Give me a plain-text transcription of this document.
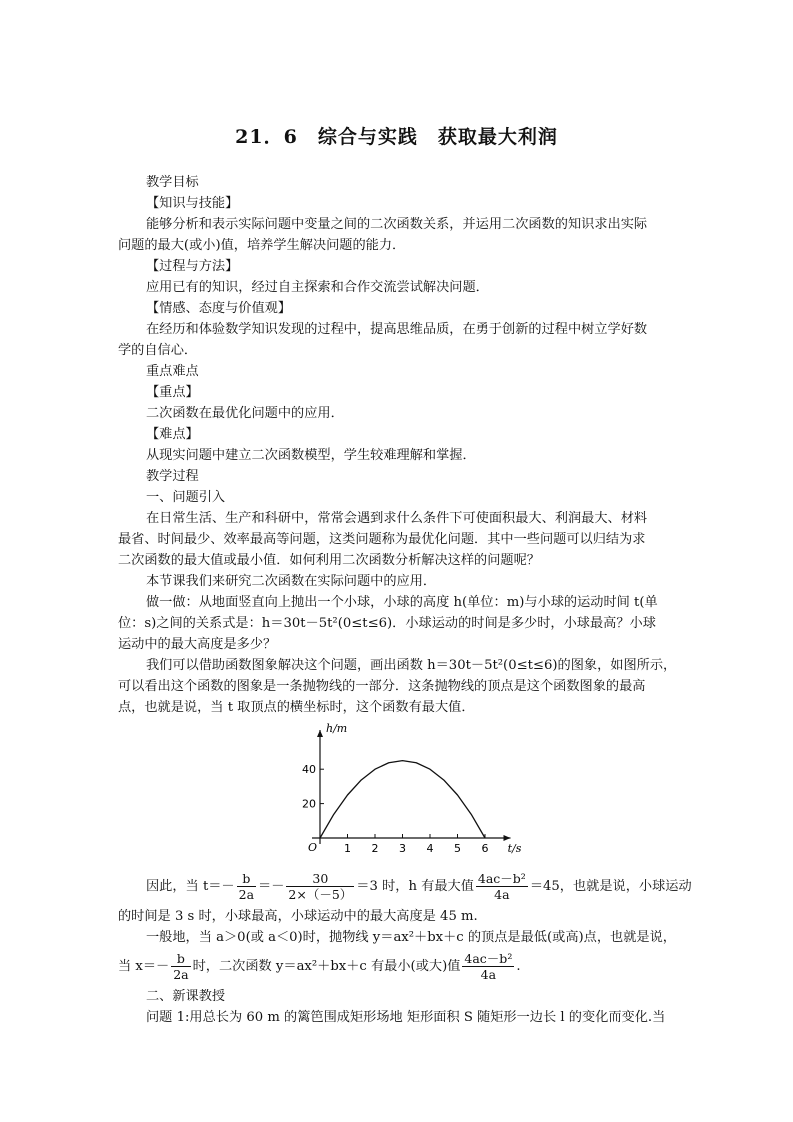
21．6　综合与实践　获取最大利润

教学目标

【知识与技能】

能够分析和表示实际问题中变量之间的二次函数关系，并运用二次函数的知识求出实际

问题的最大(或小)值，培养学生解决问题的能力．

【过程与方法】

应用已有的知识，经过自主探索和合作交流尝试解决问题．

【情感、态度与价值观】

在经历和体验数学知识发现的过程中，提高思维品质，在勇于创新的过程中树立学好数

学的自信心．

重点难点

【重点】

二次函数在最优化问题中的应用．

【难点】

从现实问题中建立二次函数模型，学生较难理解和掌握．

教学过程

一、问题引入

在日常生活、生产和科研中，常常会遇到求什么条件下可使面积最大、利润最大、材料

最省、时间最少、效率最高等问题，这类问题称为最优化问题．其中一些问题可以归结为求

二次函数的最大值或最小值．如何利用二次函数分析解决这样的问题呢？

本节课我们来研究二次函数在实际问题中的应用．

做一做：从地面竖直向上抛出一个小球，小球的高度 h(单位：m)与小球的运动时间 t(单

位：s)之间的关系式是：h＝30t－5t²(0≤t≤6)．小球运动的时间是多少时，小球最高？小球

运动中的最大高度是多少？

我们可以借助函数图象解决这个问题，画出函数 h＝30t－5t²(0≤t≤6)的图象，如图所示，

可以看出这个函数的图象是一条抛物线的一部分．这条抛物线的顶点是这个函数图象的最高

点，也就是说，当 t 取顶点的横坐标时，这个函数有最大值．

1 2 3 4 5 6
20
40
O	t/s
h/m

因此，当 $t=- \frac{b}{2a} =- \frac{30}{2\times(-5)} =3$ 时，h 有最大值 $\frac{\text{4ac－b²}}{4a} =45$，也就是说，小球运动

的时间是 3 s 时，小球最高，小球运动中的最大高度是 45 m.

一般地，当 a＞0(或 a＜0)时，抛物线 y＝ax²＋bx＋c 的顶点是最低(或高)点，也就是说，

当 $x=- \frac{b}{2a}$ 时，二次函数 y＝ax²＋bx＋c 有最小(或大)值 $\frac{\text{4ac－b²}}{4a}$ .

二、新课教授

问题 1:用总长为 60 m 的篱笆围成矩形场地 矩形面积 S 随矩形一边长 l 的变化而变化.当
